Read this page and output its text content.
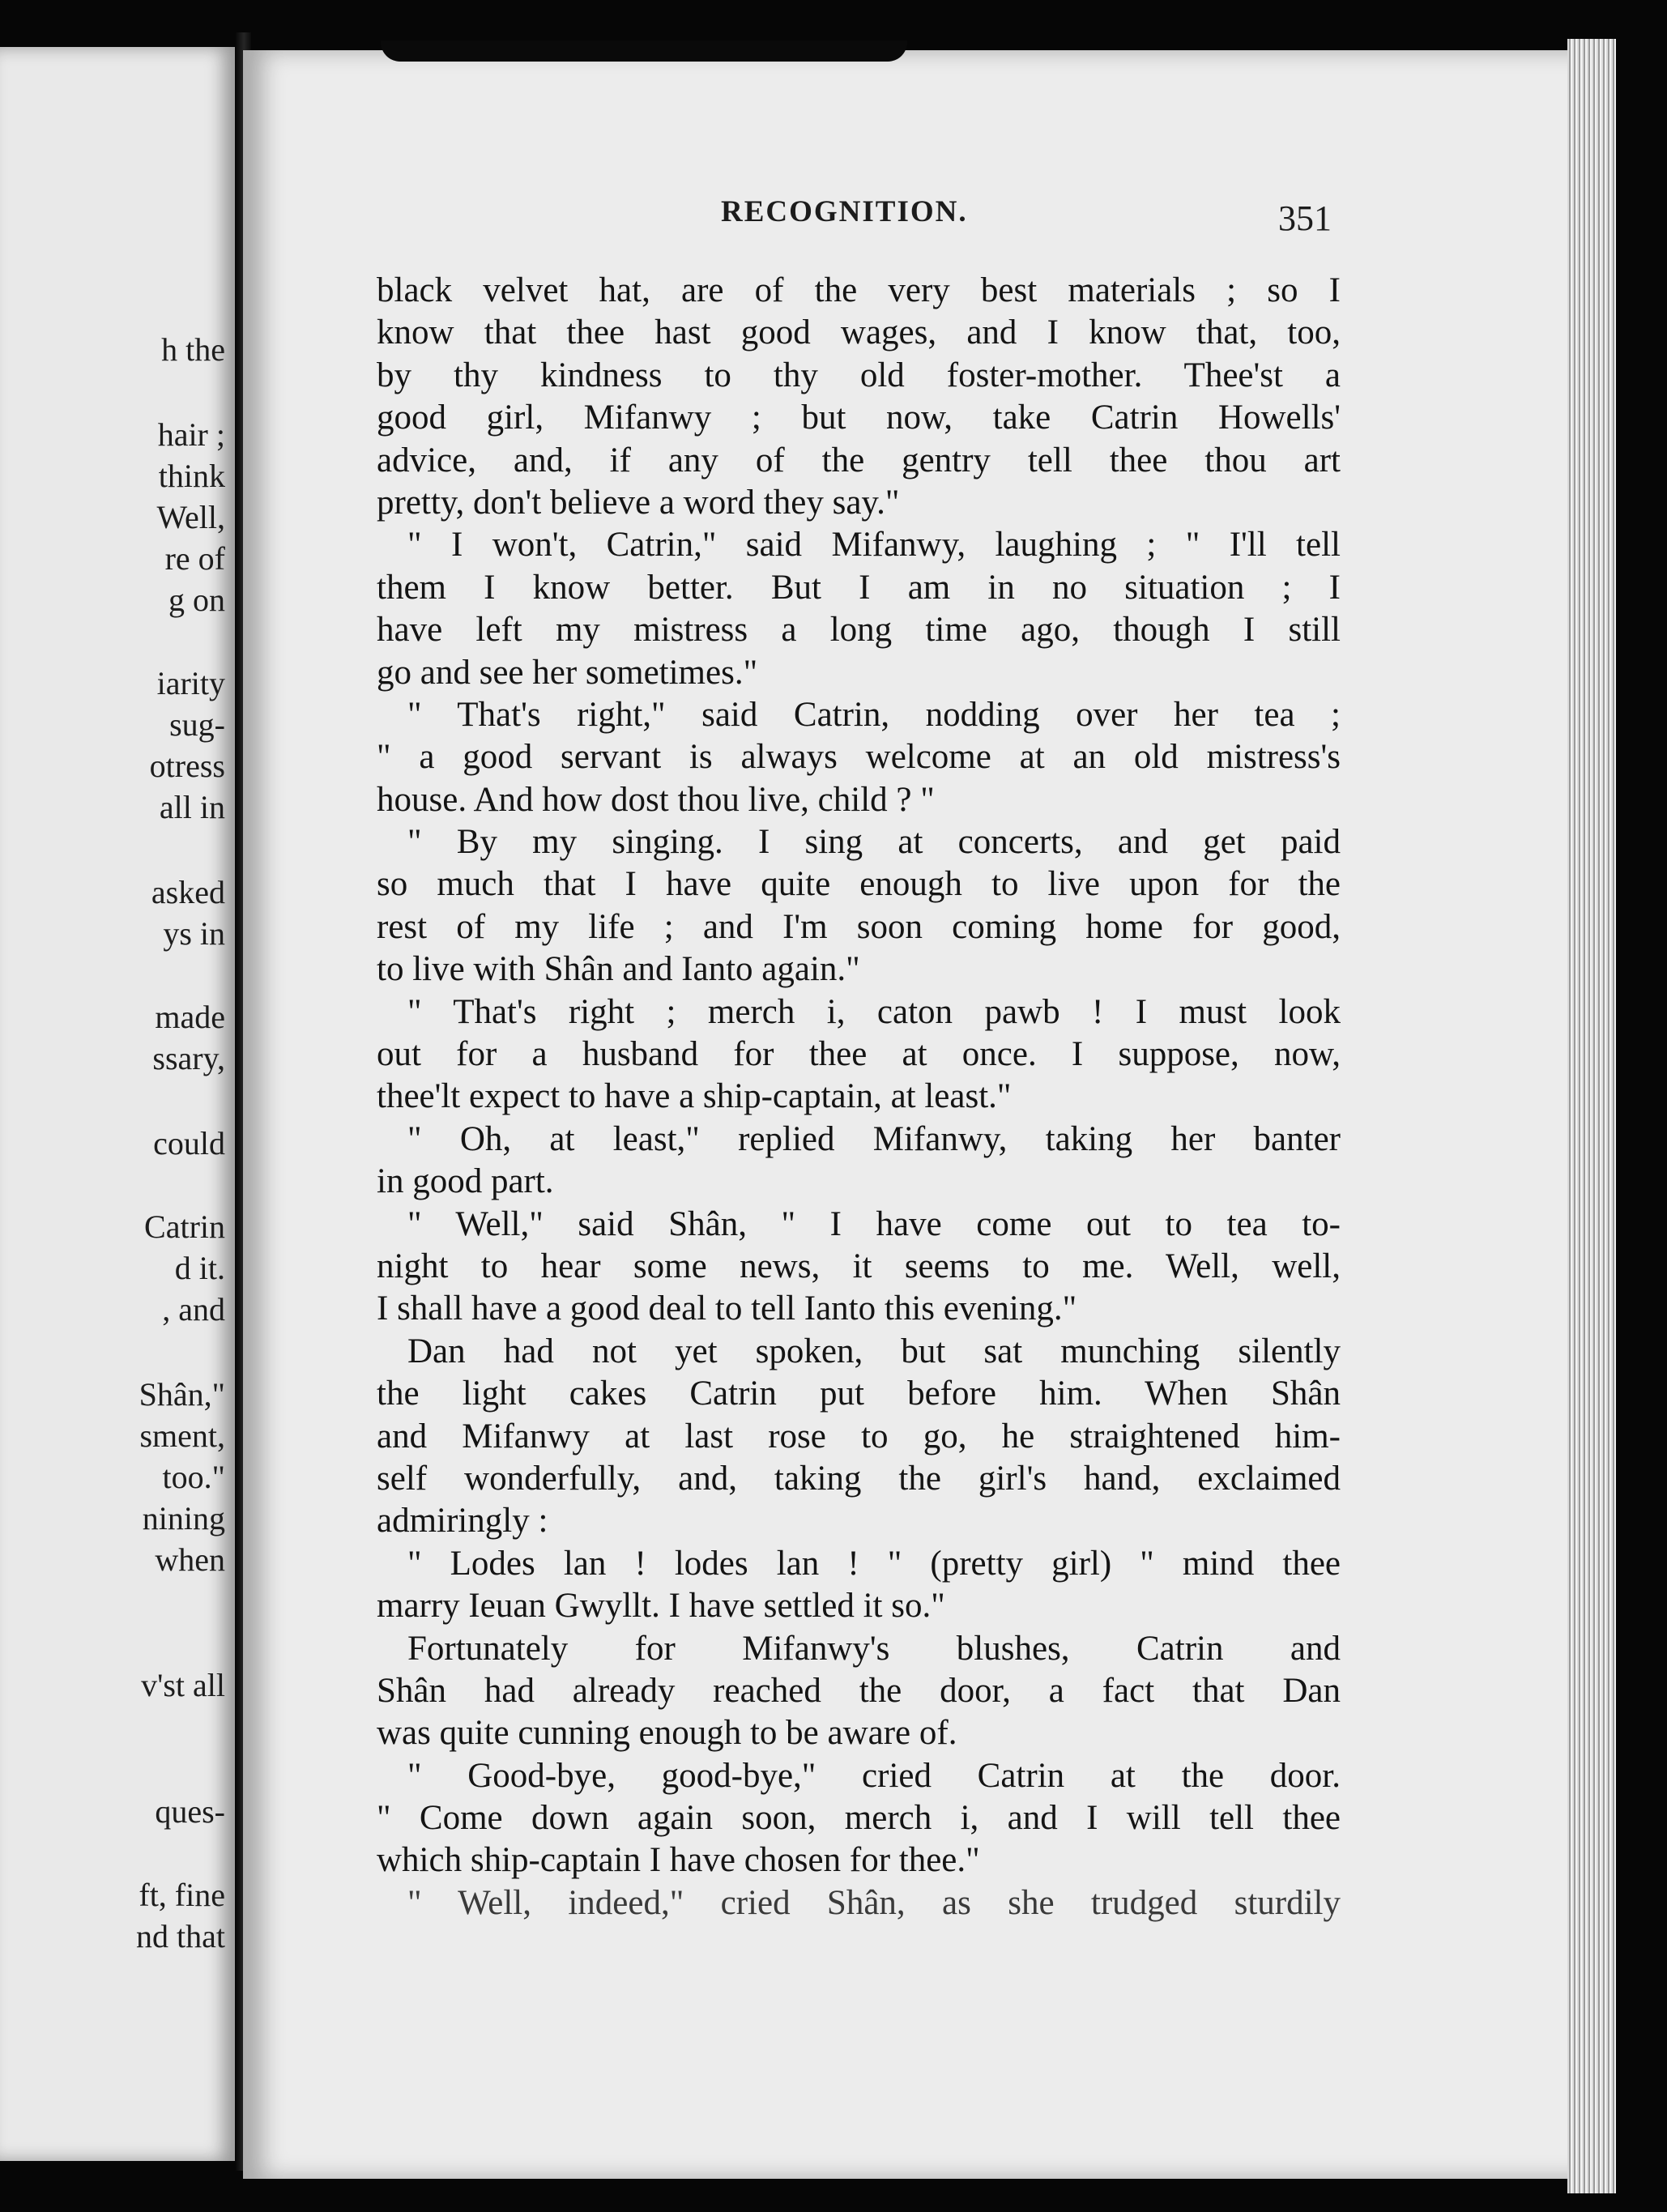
h the
hair ;
think
Well,
re of
g on
iarity
sug-
otress
all in
asked
ys in
made
ssary,
could
Catrin
d it.
, and
Shân,"
sment,
too."
nining
when
v'st all
ques-
ft, fine
nd that
RECOGNITION.	351
black velvet hat, are of the very best materials ; so I
know that thee hast good wages, and I know that, too,
by thy kindness to thy old foster-mother. Thee'st a
good girl, Mifanwy ; but now, take Catrin Howells'
advice, and, if any of the gentry tell thee thou art
pretty, don't believe a word they say."
" I won't, Catrin," said Mifanwy, laughing ; " I'll tell
them I know better. But I am in no situation ; I
have left my mistress a long time ago, though I still
go and see her sometimes."
" That's right," said Catrin, nodding over her tea ;
" a good servant is always welcome at an old mistress's
house. And how dost thou live, child ? "
" By my singing. I sing at concerts, and get paid
so much that I have quite enough to live upon for the
rest of my life ; and I'm soon coming home for good,
to live with Shân and Ianto again."
" That's right ; merch i, caton pawb ! I must look
out for a husband for thee at once. I suppose, now,
thee'lt expect to have a ship-captain, at least."
" Oh, at least," replied Mifanwy, taking her banter
in good part.
" Well," said Shân, " I have come out to tea to-
night to hear some news, it seems to me. Well, well,
I shall have a good deal to tell Ianto this evening."
Dan had not yet spoken, but sat munching silently
the light cakes Catrin put before him. When Shân
and Mifanwy at last rose to go, he straightened him-
self wonderfully, and, taking the girl's hand, exclaimed
admiringly :
" Lodes lan ! lodes lan ! " (pretty girl) " mind thee
marry Ieuan Gwyllt. I have settled it so."
Fortunately for Mifanwy's blushes, Catrin and
Shân had already reached the door, a fact that Dan
was quite cunning enough to be aware of.
" Good-bye, good-bye," cried Catrin at the door.
" Come down again soon, merch i, and I will tell thee
which ship-captain I have chosen for thee."
" Well, indeed," cried Shân, as she trudged sturdily
